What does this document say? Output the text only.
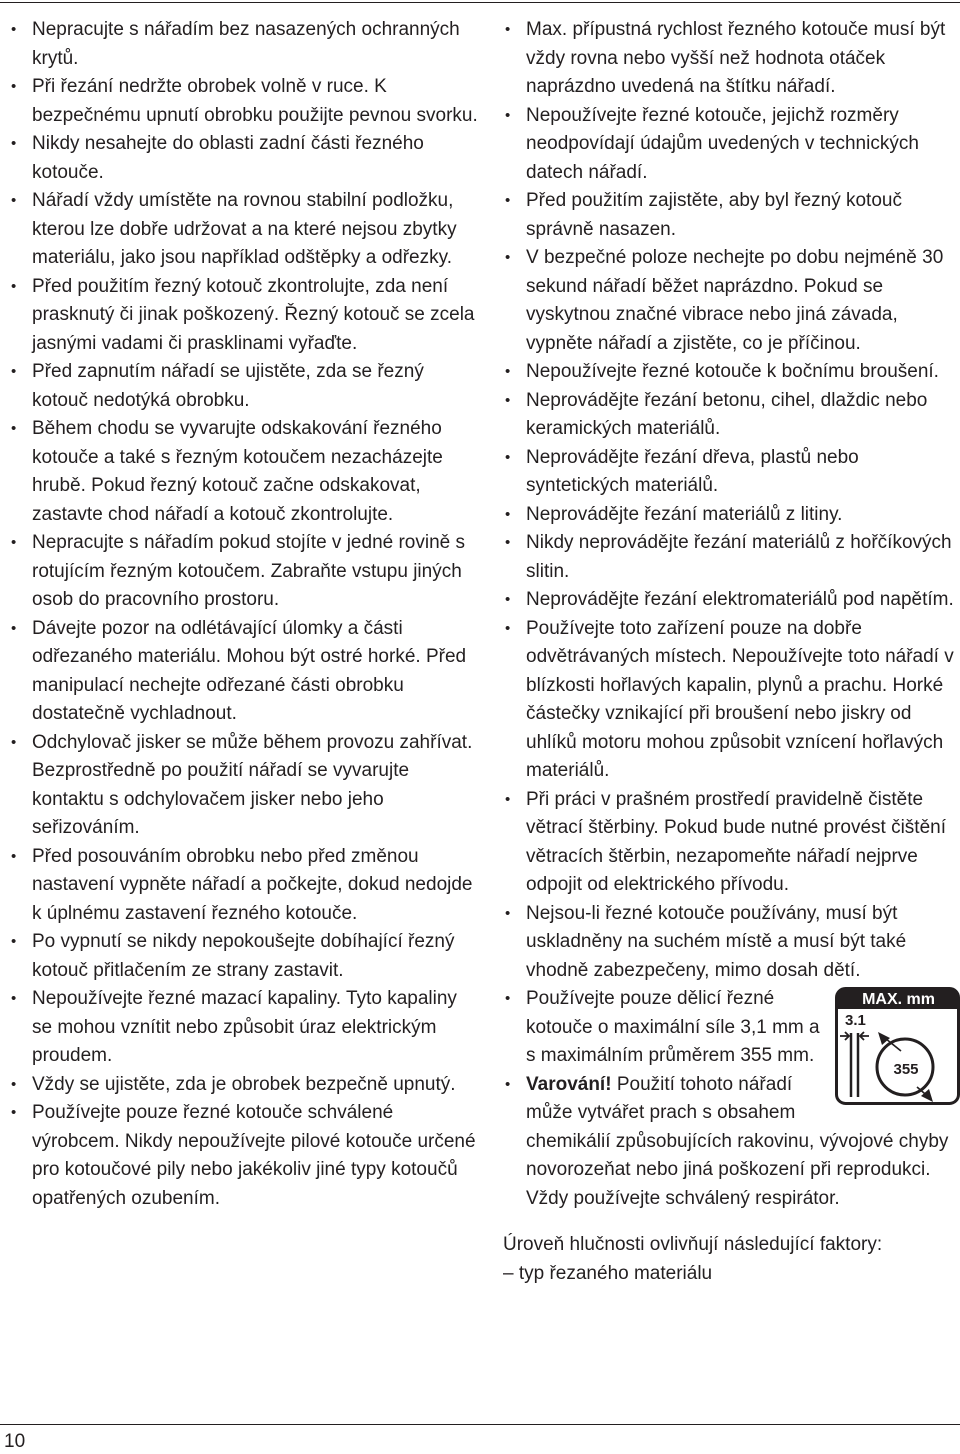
• Nepracujte s nářadím bez nasazených ochranných krytů.
• Při řezání nedržte obrobek volně v ruce. K bezpečnému upnutí obrobku použijte pevnou svorku.
• Nikdy nesahejte do oblasti zadní části řezného kotouče.
• Nářadí vždy umístěte na rovnou stabilní podložku, kterou lze dobře udržovat a na které nejsou zbytky materiálu, jako jsou například odštěpky a odřezky.
• Před použitím řezný kotouč zkontrolujte, zda není prasknutý či jinak poškozený. Řezný kotouč se zcela jasnými vadami či prasklinami vyřaďte.
• Před zapnutím nářadí se ujistěte, zda se řezný kotouč nedotýká obrobku.
• Během chodu se vyvarujte odskakování řezného kotouče a také s řezným kotoučem nezacházejte hrubě. Pokud řezný kotouč začne odskakovat, zastavte chod nářadí a kotouč zkontrolujte.
• Nepracujte s nářadím pokud stojíte v jedné rovině s rotujícím řezným kotoučem. Zabraňte vstupu jiných osob do pracovního prostoru.
• Dávejte pozor na odlétávající úlomky a části odřezaného materiálu. Mohou být ostré horké. Před manipulací nechejte odřezané části obrobku dostatečně vychladnout.
• Odchylovač jisker se může během provozu zahřívat. Bezprostředně po použití nářadí se vyvarujte kontaktu s odchylovačem jisker nebo jeho seřizováním.
• Před posouváním obrobku nebo před změnou nastavení vypněte nářadí a počkejte, dokud nedojde k úplnému zastavení řezného kotouče.
• Po vypnutí se nikdy nepokoušejte dobíhající řezný kotouč přitlačením ze strany zastavit.
• Nepoužívejte řezné mazací kapaliny. Tyto kapaliny se mohou vznítit nebo způsobit úraz elektrickým proudem.
• Vždy se ujistěte, zda je obrobek bezpečně upnutý.
• Používejte pouze řezné kotouče schválené výrobcem. Nikdy nepoužívejte pilové kotouče určené pro kotoučové pily nebo jakékoliv jiné typy kotoučů opatřených ozubením.
• Max. přípustná rychlost řezného kotouče musí být vždy rovna nebo vyšší než hodnota otáček naprázdno uvedená na štítku nářadí.
• Nepoužívejte řezné kotouče, jejichž rozměry neodpovídají údajům uvedených v technických datech nářadí.
• Před použitím zajistěte, aby byl řezný kotouč správně nasazen.
• V bezpečné poloze nechejte po dobu nejméně 30 sekund nářadí běžet naprázdno. Pokud se vyskytnou značné vibrace nebo jiná závada, vypněte nářadí a zjistěte, co je příčinou.
• Nepoužívejte řezné kotouče k bočnímu broušení.
• Neprovádějte řezání betonu, cihel, dlaždic nebo keramických materiálů.
• Neprovádějte řezání dřeva, plastů nebo syntetických materiálů.
• Neprovádějte řezání materiálů z litiny.
• Nikdy neprovádějte řezání materiálů z hořčíkových slitin.
• Neprovádějte řezání elektromateriálů pod napětím.
• Používejte toto zařízení pouze na dobře odvětrávaných místech. Nepoužívejte toto nářadí v blízkosti hořlavých kapalin, plynů a prachu. Horké částečky vznikající při broušení nebo jiskry od uhlíků motoru mohou způsobit vznícení hořlavých materiálů.
• Při práci v prašném prostředí pravidelně čistěte větrací štěrbiny. Pokud bude nutné provést čištění větracích štěrbin, nezapomeňte nářadí nejprve odpojit od elektrického přívodu.
• Nejsou-li řezné kotouče používány, musí být uskladněny na suchém místě a musí být také vhodně zabezpečeny, mimo dosah dětí.
• MAX. mm
3.1
355
Používejte pouze dělicí řezné kotouče o maximální síle 3,1 mm a s maximálním průměrem 355 mm.
• Varování! Použití tohoto nářadí může vytvářet prach s obsahem chemikálií způsobujících rakovinu, vývojové chyby novorozeňat nebo jiná poškození při reprodukci. Vždy používejte schválený respirátor.
Úroveň hlučnosti ovlivňují následující faktory:
– typ řezaného materiálu
10
